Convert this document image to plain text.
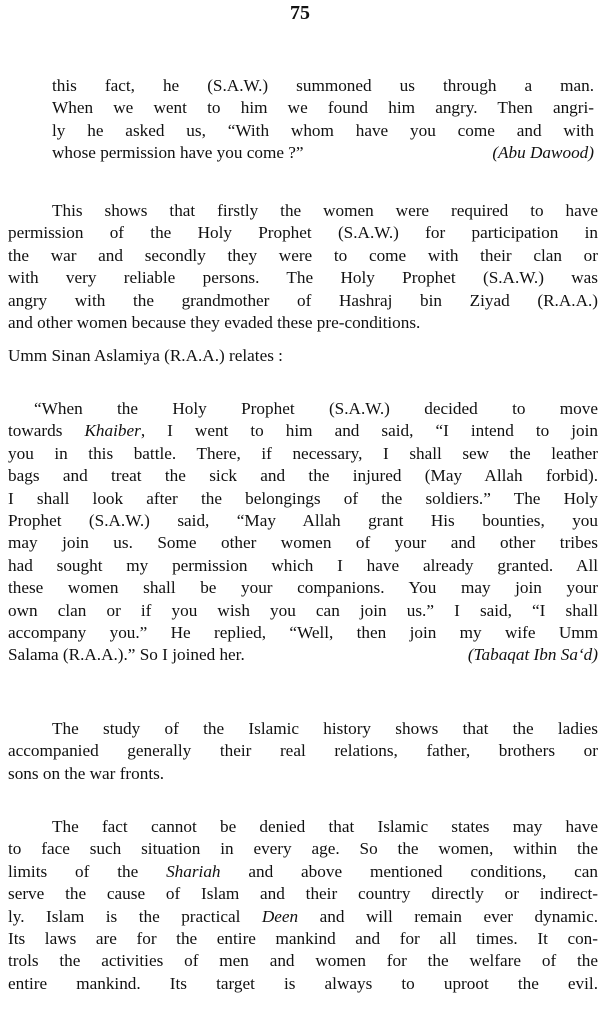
75
this fact, he (S.A.W.) summoned us through a man.
When we went to him we found him angry. Then angri-
ly he asked us, “With whom have you come and with
whose permission have you come ?”	(Abu Dawood)
This shows that firstly the women were required to have
permission of the Holy Prophet (S.A.W.) for participation in
the war and secondly they were to come with their clan or
with very reliable persons. The Holy Prophet (S.A.W.) was
angry with the grandmother of Hashraj bin Ziyad (R.A.A.)
and other women because they evaded these pre-conditions.
Umm Sinan Aslamiya (R.A.A.) relates :
“When the Holy Prophet (S.A.W.) decided to move
towards Khaiber, I went to him and said, “I intend to join
you in this battle. There, if necessary, I shall sew the leather
bags and treat the sick and the injured (May Allah forbid).
I shall look after the belongings of the soldiers.” The Holy
Prophet (S.A.W.) said, “May Allah grant His bounties, you
may join us. Some other women of your and other tribes
had sought my permission which I have already granted. All
these women shall be your companions. You may join your
own clan or if you wish you can join us.” I said, “I shall
accompany you.” He replied, “Well, then join my wife Umm
Salama (R.A.A.).” So I joined her.	(Tabaqat Ibn Sa‘d)
The study of the Islamic history shows that the ladies
accompanied generally their real relations, father, brothers or
sons on the war fronts.
The fact cannot be denied that Islamic states may have
to face such situation in every age. So the women, within the
limits of the Shariah and above mentioned conditions, can
serve the cause of Islam and their country directly or indirect-
ly. Islam is the practical Deen and will remain ever dynamic.
Its laws are for the entire mankind and for all times. It con-
trols the activities of men and women for the welfare of the
entire mankind. Its target is always to uproot the evil.
